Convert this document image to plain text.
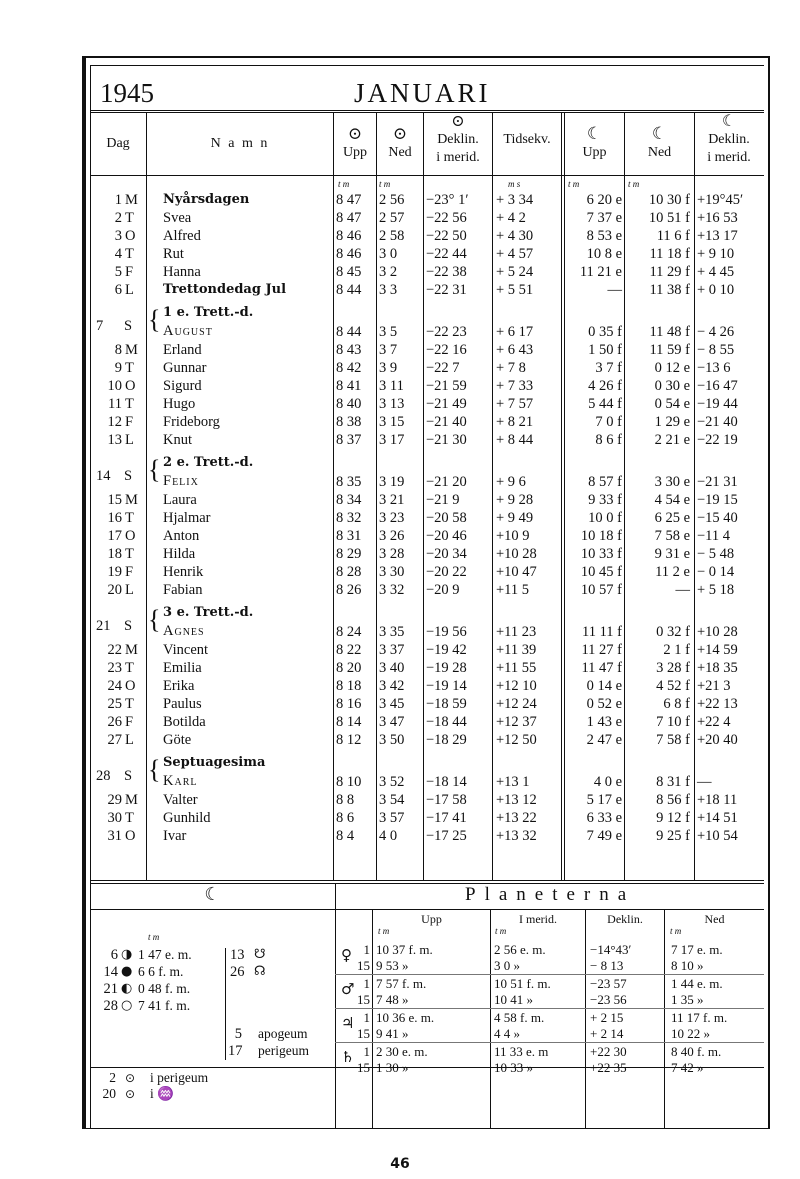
1945	JANUARI
Dag	N a m n
⊙
Upp
⊙
Ned
⊙
Deklin.
i merid.
Tidsekv.	☾
Upp
☾
Ned
☾
Deklin.
i merid.
t m	t m	m s	t m	t m
1 M Nyårsdagen	8 47	2 56	−23° 1′	+ 3 34	6 20 e	10 30 f +19°45′
2 T Svea	8 47	2 57	−22 56	+ 4 2	7 37 e	10 51 f +16 53
3 O Alfred	8 46	2 58	−22 50	+ 4 30	8 53 e	11 6 f +13 17
4 T Rut	8 46	3 0	−22 44	+ 4 57	10 8 e	11 18 f + 9 10
5 F Hanna	8 45	3 2	−22 38	+ 5 24	11 21 e	11 29 f + 4 45
6 L Trettondedag Jul	8 44	3 3	−22 31	+ 5 51	—	11 38 f + 0 10
7	S { 1 e. Trett.-d.
August	8 44	3 5	−22 23	+ 6 17	0 35 f	11 48 f − 4 26
8 M Erland	8 43	3 7	−22 16	+ 6 43	1 50 f	11 59 f − 8 55
9 T Gunnar	8 42	3 9	−22 7	+ 7 8	3 7 f	0 12 e −13 6
10 O Sigurd	8 41	3 11	−21 59	+ 7 33	4 26 f	0 30 e −16 47
11 T Hugo	8 40	3 13	−21 49	+ 7 57	5 44 f	0 54 e −19 44
12 F Frideborg	8 38	3 15	−21 40	+ 8 21	7 0 f	1 29 e −21 40
13 L Knut	8 37	3 17	−21 30	+ 8 44	8 6 f	2 21 e −22 19
14 S { 2 e. Trett.-d.
Felix	8 35	3 19	−21 20	+ 9 6	8 57 f	3 30 e −21 31
15 M Laura	8 34	3 21	−21 9	+ 9 28	9 33 f	4 54 e −19 15
16 T Hjalmar	8 32	3 23	−20 58	+ 9 49	10 0 f	6 25 e −15 40
17 O Anton	8 31	3 26	−20 46	+10 9	10 18 f	7 58 e −11 4
18 T Hilda	8 29	3 28	−20 34	+10 28	10 33 f	9 31 e − 5 48
19 F Henrik	8 28	3 30	−20 22	+10 47	10 45 f	11 2 e − 0 14
20 L Fabian	8 26	3 32	−20 9	+11 5	10 57 f	— + 5 18
21 S { 3 e. Trett.-d.
Agnes	8 24	3 35	−19 56	+11 23	11 11 f	0 32 f +10 28
22 M Vincent	8 22	3 37	−19 42	+11 39	11 27 f	2 1 f +14 59
23 T Emilia	8 20	3 40	−19 28	+11 55	11 47 f	3 28 f +18 35
24 O Erika	8 18	3 42	−19 14	+12 10	0 14 e	4 52 f +21 3
25 T Paulus	8 16	3 45	−18 59	+12 24	0 52 e	6 8 f +22 13
26 F Botilda	8 14	3 47	−18 44	+12 37	1 43 e	7 10 f +22 4
27 L Göte	8 12	3 50	−18 29	+12 50	2 47 e	7 58 f +20 40
28 S { Septuagesima
Karl	8 10	3 52	−18 14	+13 1	4 0 e	8 31 f —
29 M Valter	8 8	3 54	−17 58	+13 12	5 17 e	8 56 f +18 11
30 T Gunhild	8 6	3 57	−17 41	+13 22	6 33 e	9 12 f +14 51
31 O Ivar	8 4	4 0	−17 25	+13 32	7 49 e	9 25 f +10 54
☾
t m
6 ◑ 1 47 e. m.
14 ● 6 6 f. m.
21 ◐ 0 48 f. m.
28 ○ 7 41 f. m.
13 ☋
26 ☊
5 apogeum
17 perigeum
2 ⊙ i perigeum
20 ⊙ i ♒
Planeterna
Upp	I merid.	Deklin.	Ned
t m	t m	t m
♀ 1 10 37 f. m.	2 56 e. m.	−14°43′	7 17 e. m.
15 9 53 »	3 0 »	− 8 13	8 10 »
♂ 1 7 57 f. m.	10 51 f. m.	−23 57	1 44 e. m.
15 7 48 »	10 41 »	−23 56	1 35 »
♃ 1 10 36 e. m.	4 58 f. m.	+ 2 15	11 17 f. m.
15 9 41 »	4 4 »	+ 2 14	10 22 »
♄ 1 2 30 e. m.	11 33 e. m	+22 30	8 40 f. m.
15 1 30 »	10 33 »	+22 35	7 42 »
46
